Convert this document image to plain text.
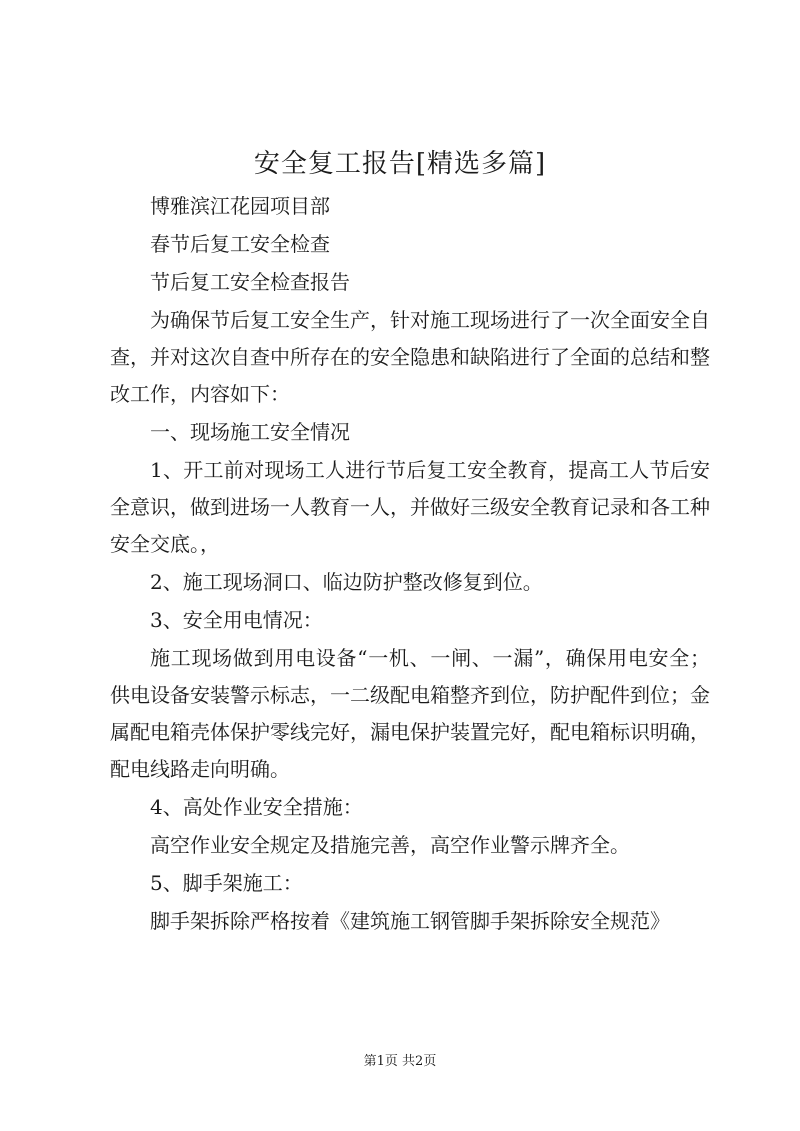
安全复工报告[精选多篇]

博雅滨江花园项目部

春节后复工安全检查

节后复工安全检查报告

为确保节后复工安全生产，针对施工现场进行了一次全面安全自查，并对这次自查中所存在的安全隐患和缺陷进行了全面的总结和整改工作，内容如下：

一、现场施工安全情况

1、开工前对现场工人进行节后复工安全教育，提高工人节后安全意识，做到进场一人教育一人，并做好三级安全教育记录和各工种安全交底。，

2、施工现场洞口、临边防护整改修复到位。

3、安全用电情况：

施工现场做到用电设备“一机、一闸、一漏”，确保用电安全；供电设备安装警示标志，一二级配电箱整齐到位，防护配件到位；金属配电箱壳体保护零线完好，漏电保护装置完好，配电箱标识明确，配电线路走向明确。

4、高处作业安全措施：

高空作业安全规定及措施完善，高空作业警示牌齐全。

5、脚手架施工：

脚手架拆除严格按着《建筑施工钢管脚手架拆除安全规范》

第1页 共2页
